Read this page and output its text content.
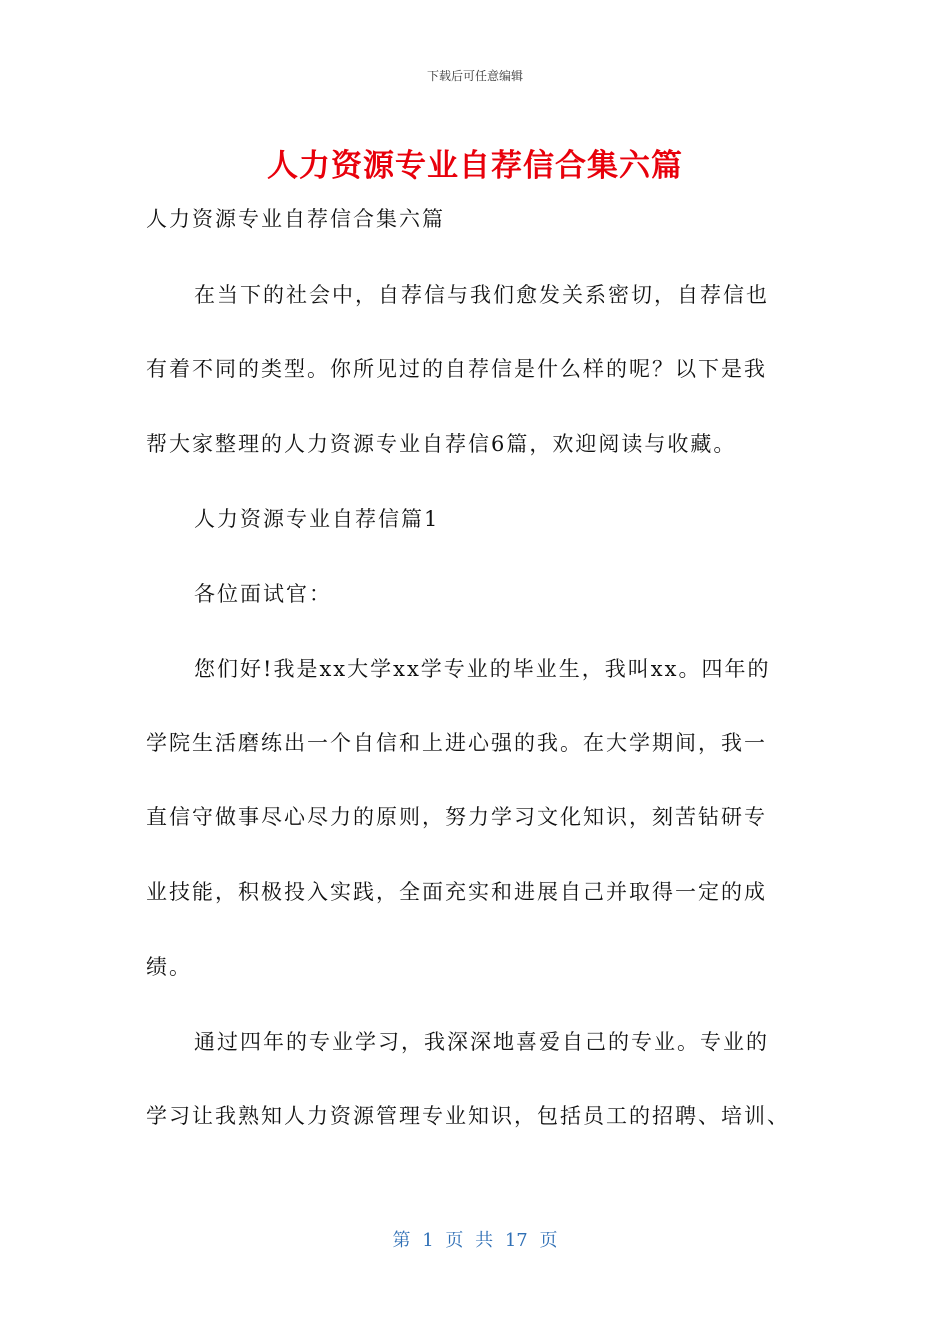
下载后可任意编辑
人力资源专业自荐信合集六篇
人力资源专业自荐信合集六篇
在当下的社会中，自荐信与我们愈发关系密切，自荐信也
有着不同的类型。你所见过的自荐信是什么样的呢？以下是我
帮大家整理的人力资源专业自荐信6篇，欢迎阅读与收藏。
人力资源专业自荐信篇1
各位面试官：
您们好!我是xx大学xx学专业的毕业生，我叫xx。四年的
学院生活磨练出一个自信和上进心强的我。在大学期间，我一
直信守做事尽心尽力的原则，努力学习文化知识，刻苦钻研专
业技能，积极投入实践，全面充实和进展自己并取得一定的成
绩。
通过四年的专业学习，我深深地喜爱自己的专业。专业的
学习让我熟知人力资源管理专业知识，包括员工的招聘、培训、
第 1 页 共 17 页
